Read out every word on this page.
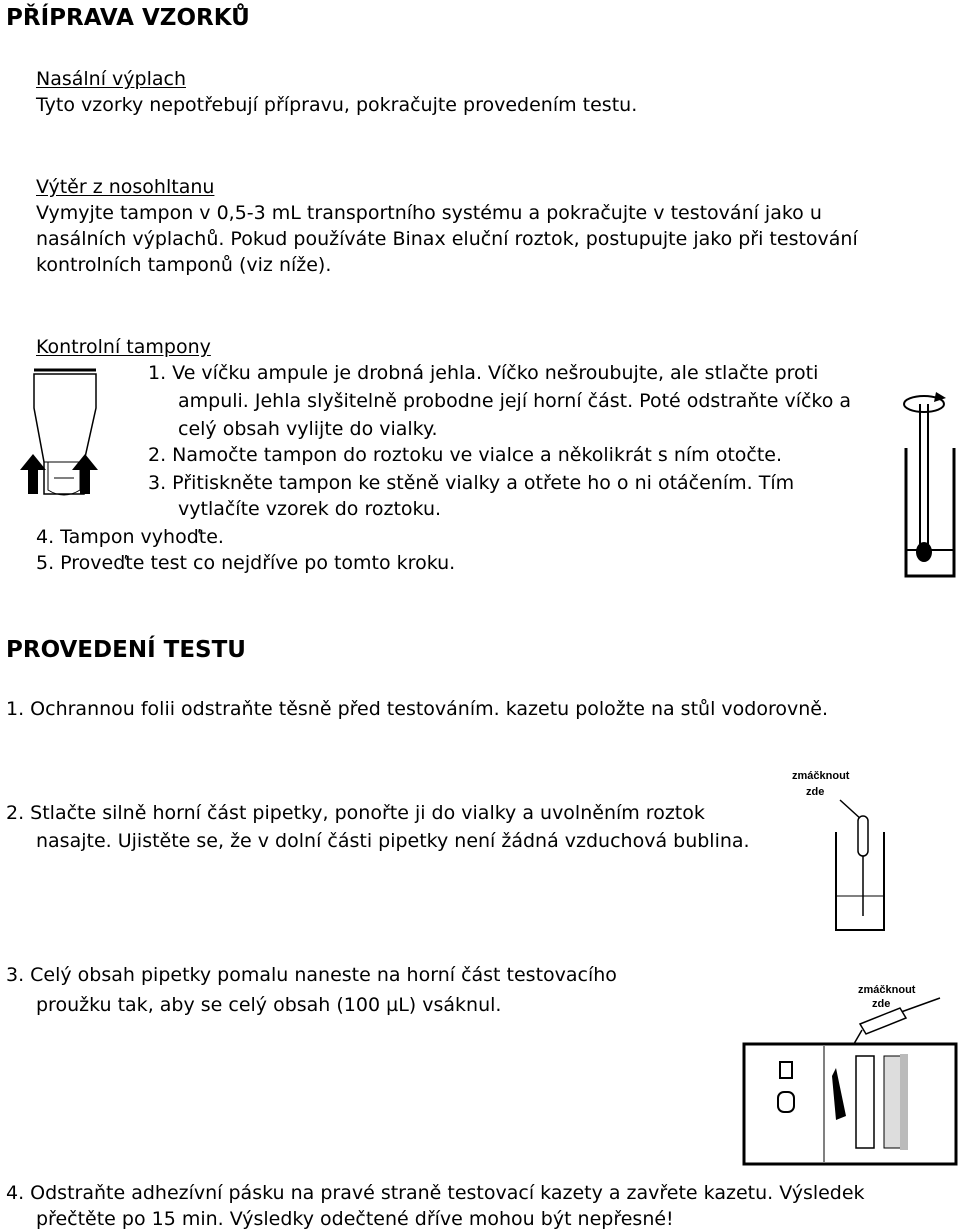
PŘÍPRAVA VZORKŮ
Nasální výplach
Tyto vzorky nepotřebují přípravu, pokračujte provedením testu.
Výtěr z nosohltanu
Vymyjte tampon v 0,5-3 mL transportního systému a pokračujte v testování jako u
nasálních výplachů. Pokud používáte Binax eluční roztok, postupujte jako při testování
kontrolních tamponů (viz níže).
Kontrolní tampony
1. Ve víčku ampule je drobná jehla. Víčko nešroubujte, ale stlačte proti
ampuli. Jehla slyšitelně probodne její horní část. Poté odstraňte víčko a
celý obsah vylijte do vialky.
2. Namočte tampon do roztoku ve vialce a několikrát s ním otočte.
3. Přitiskněte tampon ke stěně vialky a otřete ho o ni otáčením. Tím
vytlačíte vzorek do roztoku.
4. Tampon vyhoďte.
5. Proveďte test co nejdříve po tomto kroku.
PROVEDENÍ TESTU
1. Ochrannou folii odstraňte těsně před testováním. kazetu položte na stůl vodorovně.
2. Stlačte silně horní část pipetky, ponořte ji do vialky a uvolněním roztok
nasajte. Ujistěte se, že v dolní části pipetky není žádná vzduchová bublina.
3. Celý obsah pipetky pomalu naneste na horní část testovacího
proužku tak, aby se celý obsah (100 µL) vsáknul.
4. Odstraňte adhezívní pásku na pravé straně testovací kazety a zavřete kazetu. Výsledek
přečtěte po 15 min. Výsledky odečtené dříve mohou být nepřesné!
zmáčknout
zde
zmáčknout
zde
